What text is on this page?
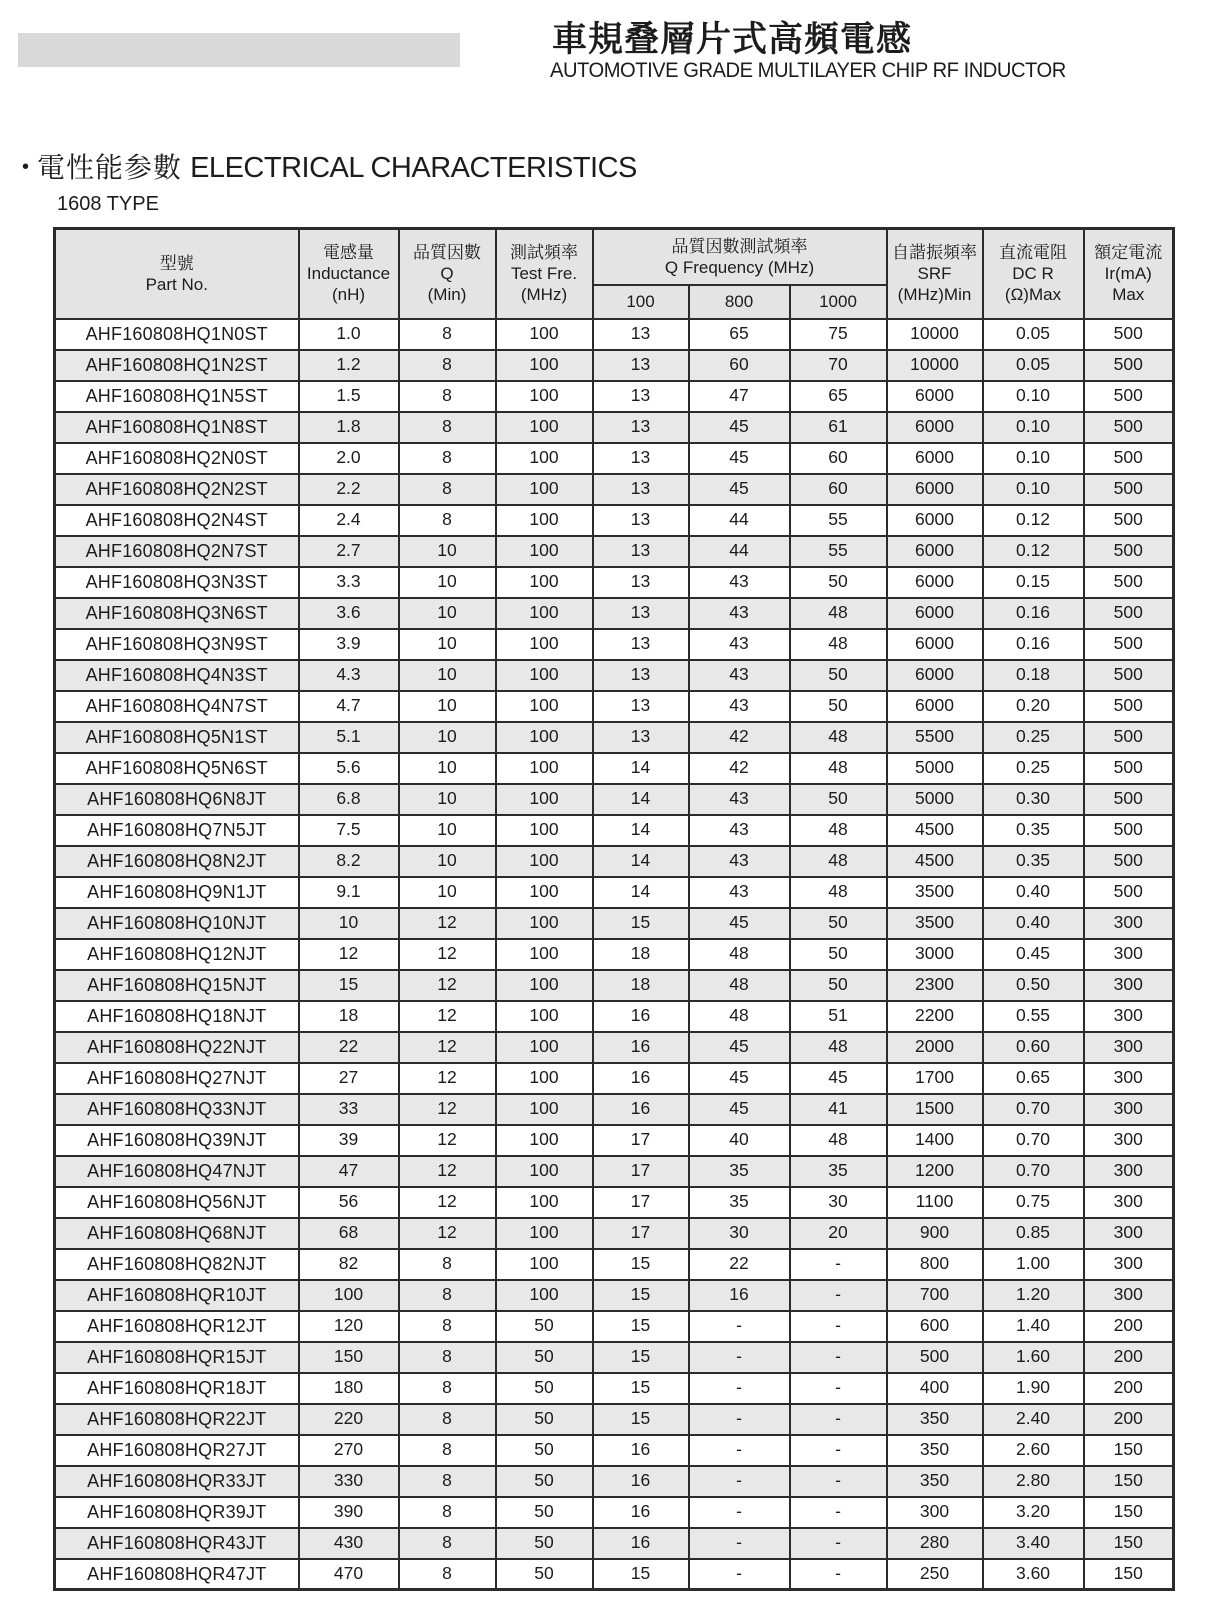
車規叠層片式高頻電感
AUTOMOTIVE GRADE MULTILAYER CHIP RF INDUCTOR
• 電性能参數 ELECTRICAL CHARACTERISTICS
1608 TYPE
型號
Part No.

電感量
Inductance
(nH)

品質因數
Q
(Min)

測試頻率
Test Fre.
(MHz)

品質因數測試頻率
Q Frequency (MHz)

自諧振頻率
SRF
(MHz)Min

直流電阻
DC R
(Ω)Max

額定電流
Ir(mA)
Max

				100	800	1000			
AHF160808HQ1N0ST	1.0	8	100	13	65	75	10000	0.05	500
AHF160808HQ1N2ST	1.2	8	100	13	60	70	10000	0.05	500
AHF160808HQ1N5ST	1.5	8	100	13	47	65	6000	0.10	500
AHF160808HQ1N8ST	1.8	8	100	13	45	61	6000	0.10	500
AHF160808HQ2N0ST	2.0	8	100	13	45	60	6000	0.10	500
AHF160808HQ2N2ST	2.2	8	100	13	45	60	6000	0.10	500
AHF160808HQ2N4ST	2.4	8	100	13	44	55	6000	0.12	500
AHF160808HQ2N7ST	2.7	10	100	13	44	55	6000	0.12	500
AHF160808HQ3N3ST	3.3	10	100	13	43	50	6000	0.15	500
AHF160808HQ3N6ST	3.6	10	100	13	43	48	6000	0.16	500
AHF160808HQ3N9ST	3.9	10	100	13	43	48	6000	0.16	500
AHF160808HQ4N3ST	4.3	10	100	13	43	50	6000	0.18	500
AHF160808HQ4N7ST	4.7	10	100	13	43	50	6000	0.20	500
AHF160808HQ5N1ST	5.1	10	100	13	42	48	5500	0.25	500
AHF160808HQ5N6ST	5.6	10	100	14	42	48	5000	0.25	500
AHF160808HQ6N8JT	6.8	10	100	14	43	50	5000	0.30	500
AHF160808HQ7N5JT	7.5	10	100	14	43	48	4500	0.35	500
AHF160808HQ8N2JT	8.2	10	100	14	43	48	4500	0.35	500
AHF160808HQ9N1JT	9.1	10	100	14	43	48	3500	0.40	500
AHF160808HQ10NJT	10	12	100	15	45	50	3500	0.40	300
AHF160808HQ12NJT	12	12	100	18	48	50	3000	0.45	300
AHF160808HQ15NJT	15	12	100	18	48	50	2300	0.50	300
AHF160808HQ18NJT	18	12	100	16	48	51	2200	0.55	300
AHF160808HQ22NJT	22	12	100	16	45	48	2000	0.60	300
AHF160808HQ27NJT	27	12	100	16	45	45	1700	0.65	300
AHF160808HQ33NJT	33	12	100	16	45	41	1500	0.70	300
AHF160808HQ39NJT	39	12	100	17	40	48	1400	0.70	300
AHF160808HQ47NJT	47	12	100	17	35	35	1200	0.70	300
AHF160808HQ56NJT	56	12	100	17	35	30	1100	0.75	300
AHF160808HQ68NJT	68	12	100	17	30	20	900	0.85	300
AHF160808HQ82NJT	82	8	100	15	22	-	800	1.00	300
AHF160808HQR10JT	100	8	100	15	16	-	700	1.20	300
AHF160808HQR12JT	120	8	50	15	-	-	600	1.40	200
AHF160808HQR15JT	150	8	50	15	-	-	500	1.60	200
AHF160808HQR18JT	180	8	50	15	-	-	400	1.90	200
AHF160808HQR22JT	220	8	50	15	-	-	350	2.40	200
AHF160808HQR27JT	270	8	50	16	-	-	350	2.60	150
AHF160808HQR33JT	330	8	50	16	-	-	350	2.80	150
AHF160808HQR39JT	390	8	50	16	-	-	300	3.20	150
AHF160808HQR43JT	430	8	50	16	-	-	280	3.40	150
AHF160808HQR47JT	470	8	50	15	-	-	250	3.60	150
